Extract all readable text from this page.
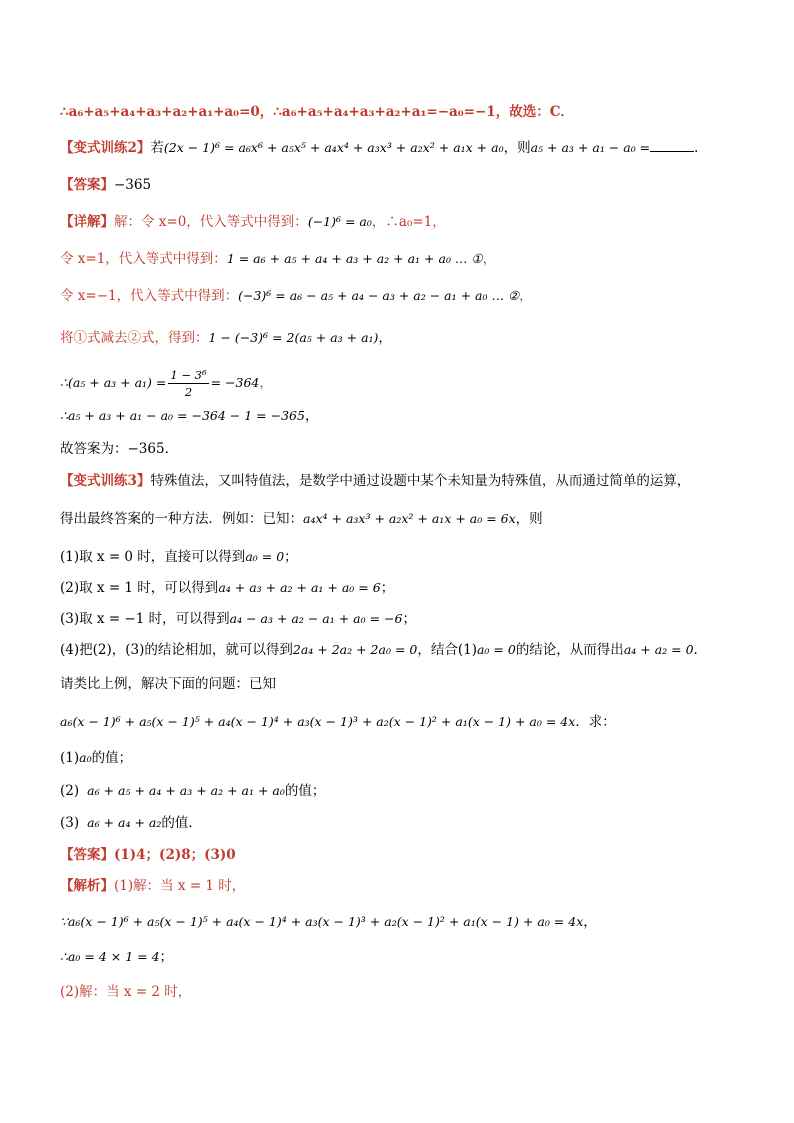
∴a₆+a₅+a₄+a₃+a₂+a₁+a₀=0，∴a₆+a₅+a₄+a₃+a₂+a₁=−a₀=−1，故选：C．
【变式训练2】若(2x − 1)⁶ = a₆x⁶ + a₅x⁵ + a₄x⁴ + a₃x³ + a₂x² + a₁x + a₀，则a₅ + a₃ + a₁ − a₀ =	．
【答案】−365
【详解】解：令 x=0，代入等式中得到：(−1)⁶ = a₀，∴a₀=1，
令 x=1，代入等式中得到：1 = a₆ + a₅ + a₄ + a₃ + a₂ + a₁ + a₀ … ①，
令 x=−1，代入等式中得到：(−3)⁶ = a₆ − a₅ + a₄ − a₃ + a₂ − a₁ + a₀ … ②，
将①式减去②式，得到：1 − (−3)⁶ = 2(a₅ + a₃ + a₁)，
∴(a₅ + $a_3 + a_1) = \frac{\text{1 − 3⁶}}{2} = -364$，
∴a₅ + a₃ + a₁ − a₀ = −364 − 1 = −365，
故答案为：−365．
【变式训练3】特殊值法，又叫特值法，是数学中通过设题中某个未知量为特殊值，从而通过简单的运算，
得出最终答案的一种方法．例如：已知：a₄x⁴ + a₃x³ + a₂x² + a₁x + a₀ = 6x，则
(1)取 x = 0 时，直接可以得到a₀ = 0；
(2)取 x = 1 时，可以得到a₄ + a₃ + a₂ + a₁ + a₀ = 6；
(3)取 x = −1 时，可以得到a₄ − a₃ + a₂ − a₁ + a₀ = −6；
(4)把(2)，(3)的结论相加，就可以得到2a₄ + 2a₂ + 2a₀ = 0，结合(1)a₀ = 0的结论，从而得出a₄ + a₂ = 0．
请类比上例，解决下面的问题：已知
a₆(x − 1)⁶ + a₅(x − 1)⁵ + a₄(x − 1)⁴ + a₃(x − 1)³ + a₂(x − 1)² + a₁(x − 1) + a₀ = 4x．求：
(1)a₀的值；
(2) a₆ + a₅ + a₄ + a₃ + a₂ + a₁ + a₀的值；
(3) a₆ + a₄ + a₂的值．
【答案】(1)4；(2)8；(3)0
【解析】(1)解：当 x = 1 时，
∵a₆(x − 1)⁶ + a₅(x − 1)⁵ + a₄(x − 1)⁴ + a₃(x − 1)³ + a₂(x − 1)² + a₁(x − 1) + a₀ = 4x，
∴a₀ = 4 × 1 = 4；
(2)解：当 x = 2 时，
